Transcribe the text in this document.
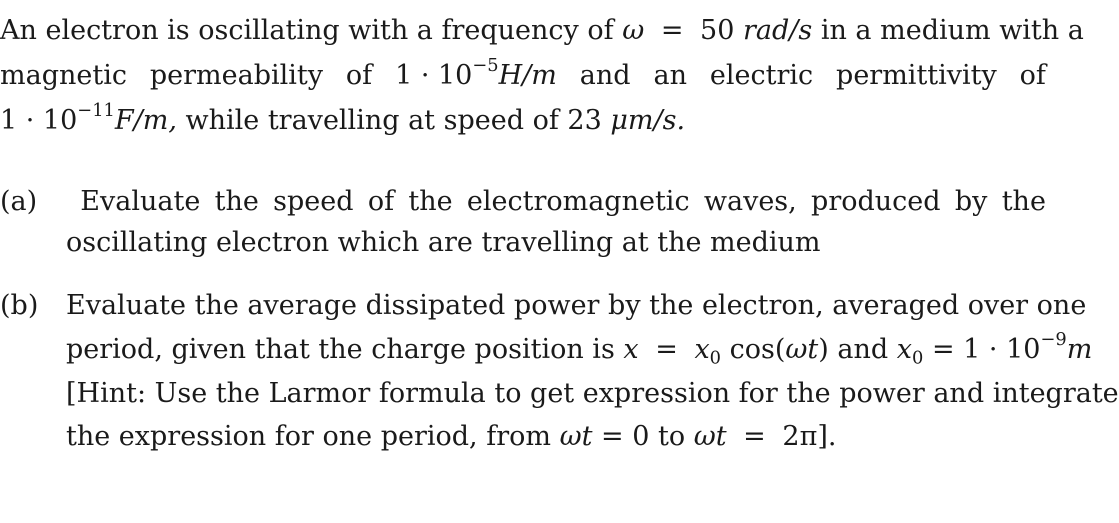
An electron is oscillating with a frequency of ω = 50 rad/s in a medium with a
magnetic permeability of $1 \cdot 10^{-5}H/m$ and an electric permittivity of
$1 \cdot 10^{-11}F/m$, while travelling at speed of 23 μm/s.
(a)	Evaluate the speed of the electromagnetic waves, produced by the
oscillating electron which are travelling at the medium
(b) Evaluate the average dissipated power by the electron, averaged over one
period, given that the charge position is $x = x_0$ cos(ωt) and $x_0 = 1 \cdot 10^{-9}m$
[Hint: Use the Larmor formula to get expression for the power and integrate
the expression for one period, from ωt = 0 to ωt = 2π].
